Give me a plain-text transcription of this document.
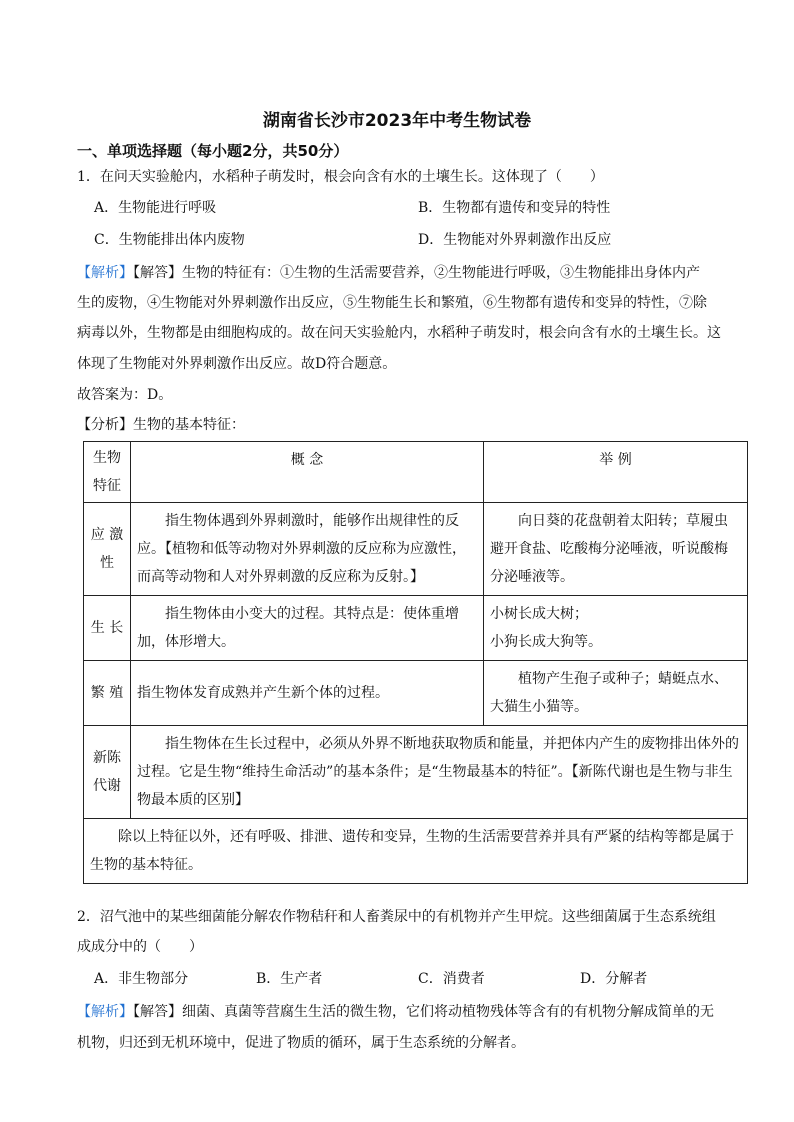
湖南省长沙市2023年中考生物试卷
一、单项选择题（每小题2分，共50分）
1．在问天实验舱内，水稻种子萌发时，根会向含有水的土壤生长。这体现了（　　）
A．生物能进行呼吸	B．生物都有遗传和变异的特性
C．生物能排出体内废物	D．生物能对外界刺激作出反应
【解析】【解答】生物的特征有：①生物的生活需要营养，②生物能进行呼吸，③生物能排出身体内产
生的废物，④生物能对外界刺激作出反应，⑤生物能生长和繁殖，⑥生物都有遗传和变异的特性，⑦除
病毒以外，生物都是由细胞构成的。故在问天实验舱内，水稻种子萌发时，根会向含有水的土壤生长。这
体现了生物能对外界刺激作出反应。故D符合题意。
故答案为：D。
【分析】生物的基本特征：
生物特征	概 念	举 例
应 激 性	指生物体遇到外界刺激时，能够作出规律性的反应。【植物和低等动物对外界刺激的反应称为应激性，而高等动物和人对外界刺激的反应称为反射。】	向日葵的花盘朝着太阳转；草履虫避开食盐、吃酸梅分泌唾液，听说酸梅分泌唾液等。
生 长	指生物体由小变大的过程。其特点是：使体重增加，体形增大。	小树长成大树；
小狗长成大狗等。

繁 殖	指生物体发育成熟并产生新个体的过程。	植物产生孢子或种子；蜻蜓点水、大猫生小猫等。
新陈代谢	指生物体在生长过程中，必须从外界不断地获取物质和能量，并把体内产生的废物排出体外的过程。它是生物“维持生命活动”的基本条件；是“生物最基本的特征”。【新陈代谢也是生物与非生物最本质的区别】	
除以上特征以外，还有呼吸、排泄、遗传和变异，生物的生活需要营养并具有严紧的结构等都是属于生物的基本特征。		
2．沼气池中的某些细菌能分解农作物秸秆和人畜粪尿中的有机物并产生甲烷。这些细菌属于生态系统组
成成分中的（　　）
A．非生物部分	B．生产者	C．消费者	D．分解者
【解析】【解答】细菌、真菌等营腐生生活的微生物，它们将动植物残体等含有的有机物分解成简单的无
机物，归还到无机环境中，促进了物质的循环，属于生态系统的分解者。
